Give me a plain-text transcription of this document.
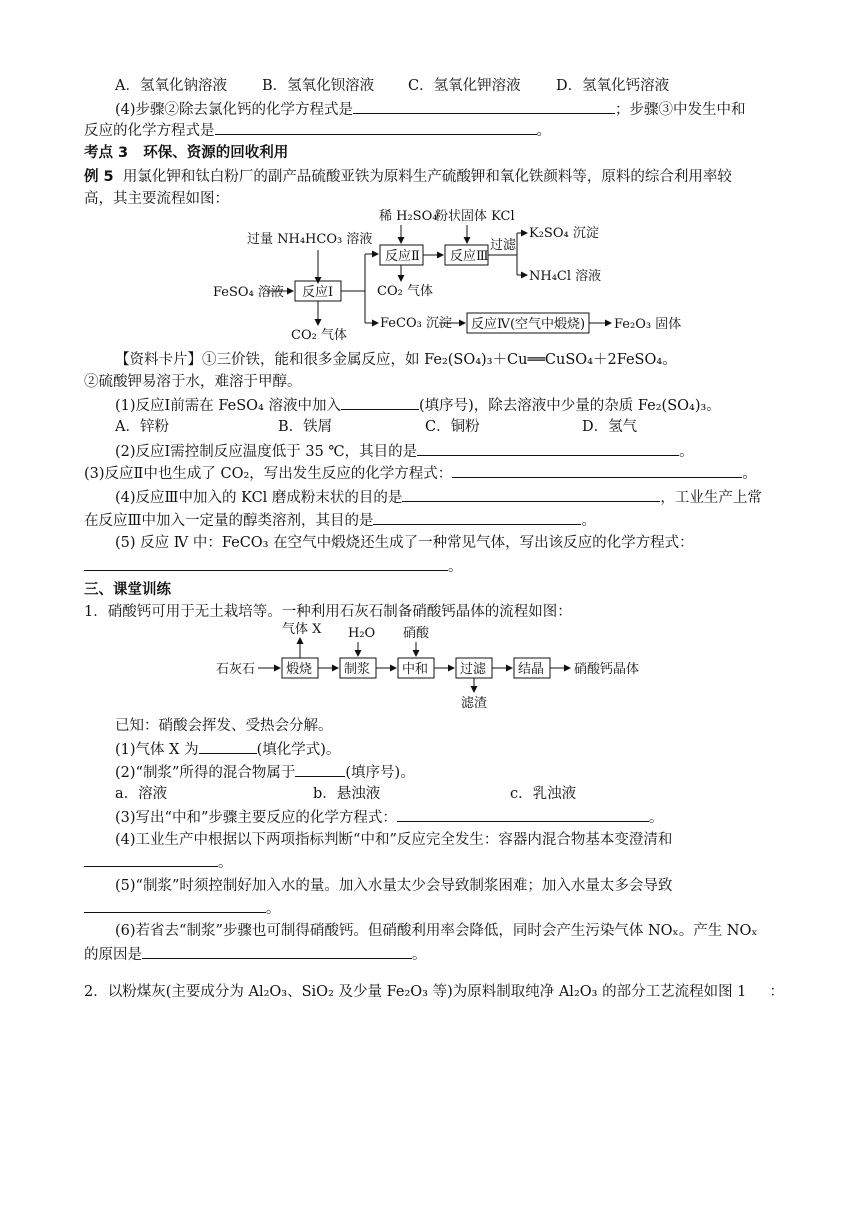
A．氢氧化钠溶液 B．氢氧化钡溶液 C．氢氧化钾溶液 D．氢氧化钙溶液
(4)步骤②除去氯化钙的化学方程式是	；步骤③中发生中和
反应的化学方程式是	。
考点 3 环保、资源的回收利用
例 5 用氯化钾和钛白粉厂的副产品硫酸亚铁为原料生产硫酸钾和氧化铁颜料等，原料的综合利用率较
高，其主要流程如图：
过量 NH₄HCO₃ 溶液
FeSO₄ 溶液 反应Ⅰ
CO₂ 气体
稀 H₂SO₄
粉状固体 KCl
反应Ⅱ
CO₂ 气体
反应Ⅲ
过滤
K₂SO₄ 沉淀
NH₄Cl 溶液
FeCO₃ 沉淀 反应Ⅳ(空气中煅烧) Fe₂O₃ 固体
【资料卡片】①三价铁，能和很多金属反应，如 Fe₂(SO₄)₃＋Cu══CuSO₄＋2FeSO₄。
②硫酸钾易溶于水，难溶于甲醇。
(1)反应Ⅰ前需在 FeSO₄ 溶液中加入	(填序号)，除去溶液中少量的杂质 Fe₂(SO₄)₃。
A．锌粉	B．铁屑	C．铜粉	D．氢气
(2)反应Ⅰ需控制反应温度低于 35 ℃，其目的是	。
(3)反应Ⅱ中也生成了 CO₂，写出发生反应的化学方程式：	。
(4)反应Ⅲ中加入的 KCl 磨成粉末状的目的是	，工业生产上常
在反应Ⅲ中加入一定量的醇类溶剂，其目的是	。
(5) 反应 Ⅳ 中：FeCO₃ 在空气中煅烧还生成了一种常见气体，写出该反应的化学方程式：
。
三、课堂训练
1．硝酸钙可用于无土栽培等。一种利用石灰石制备硝酸钙晶体的流程如图：
石灰石
气体 X H₂O 硝酸
煅烧 制浆 中和 过滤 结晶 硝酸钙晶体
滤渣
已知：硝酸会挥发、受热会分解。
(1)气体 X 为	(填化学式)。
(2)“制浆”所得的混合物属于	(填序号)。
a．溶液	b．悬浊液	c．乳浊液
(3)写出“中和”步骤主要反应的化学方程式：	。
(4)工业生产中根据以下两项指标判断“中和”反应完全发生：容器内混合物基本变澄清和
。
(5)“制浆”时须控制好加入水的量。加入水量太少会导致制浆困难；加入水量太多会导致
。
(6)若省去“制浆”步骤也可制得硝酸钙。但硝酸利用率会降低，同时会产生污染气体 NOₓ。产生 NOₓ
的原因是	。
2．以粉煤灰(主要成分为 Al₂O₃、SiO₂ 及少量 Fe₂O₃ 等)为原料制取纯净 Al₂O₃ 的部分工艺流程如图 1 ：
